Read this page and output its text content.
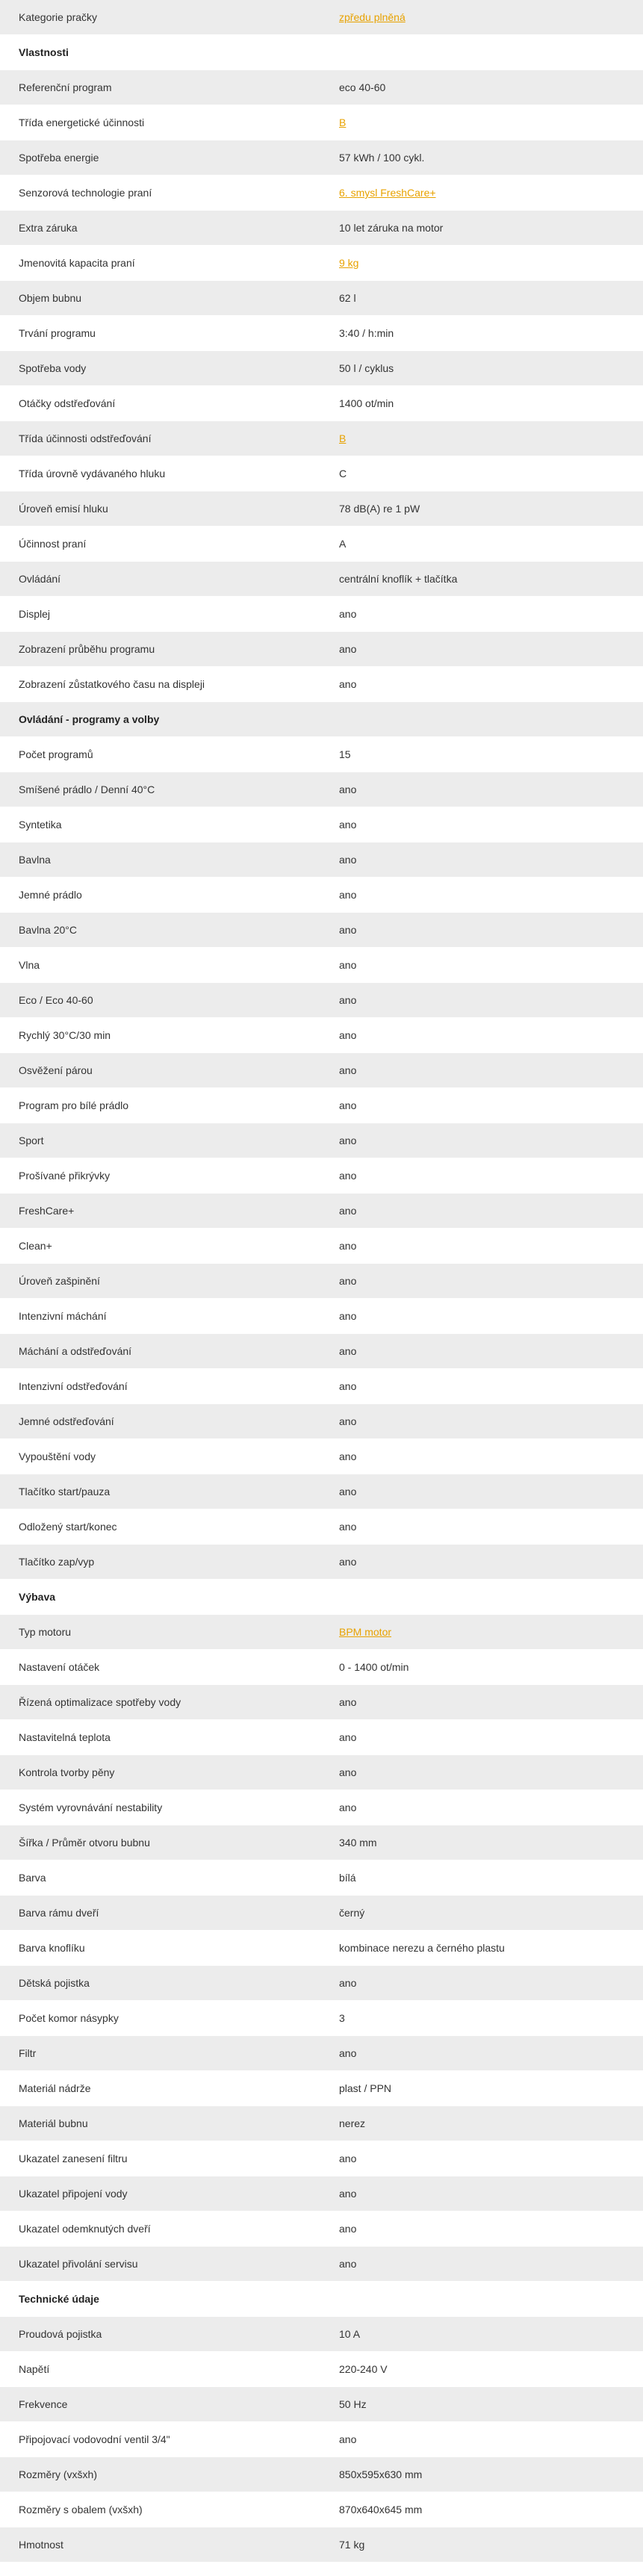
Kategorie pračky	zpředu plněná
Vlastnosti
Referenční program	eco 40-60
Třída energetické účinnosti	B
Spotřeba energie	57 kWh / 100 cykl.
Senzorová technologie praní	6. smysl FreshCare+
Extra záruka	10 let záruka na motor
Jmenovitá kapacita praní	9 kg
Objem bubnu	62 l
Trvání programu	3:40 / h:min
Spotřeba vody	50 l / cyklus
Otáčky odstřeďování	1400 ot/min
Třída účinnosti odstřeďování	B
Třída úrovně vydávaného hluku	C
Úroveň emisí hluku	78 dB(A) re 1 pW
Účinnost praní	A
Ovládání	centrální knoflík + tlačítka
Displej	ano
Zobrazení průběhu programu	ano
Zobrazení zůstatkového času na displeji	ano
Ovládání - programy a volby
Počet programů	15
Smíšené prádlo / Denní 40°C	ano
Syntetika	ano
Bavlna	ano
Jemné prádlo	ano
Bavlna 20°C	ano
Vlna	ano
Eco / Eco 40-60	ano
Rychlý 30°C/30 min	ano
Osvěžení párou	ano
Program pro bílé prádlo	ano
Sport	ano
Prošívané přikrývky	ano
FreshCare+	ano
Clean+	ano
Úroveň zašpinění	ano
Intenzivní máchání	ano
Máchání a odstřeďování	ano
Intenzivní odstřeďování	ano
Jemné odstřeďování	ano
Vypouštění vody	ano
Tlačítko start/pauza	ano
Odložený start/konec	ano
Tlačítko zap/vyp	ano
Výbava
Typ motoru	BPM motor
Nastavení otáček	0 - 1400 ot/min
Řízená optimalizace spotřeby vody	ano
Nastavitelná teplota	ano
Kontrola tvorby pěny	ano
Systém vyrovnávání nestability	ano
Šířka / Průměr otvoru bubnu	340 mm
Barva	bílá
Barva rámu dveří	černý
Barva knoflíku	kombinace nerezu a černého plastu
Dětská pojistka	ano
Počet komor násypky	3
Filtr	ano
Materiál nádrže	plast / PPN
Materiál bubnu	nerez
Ukazatel zanesení filtru	ano
Ukazatel připojení vody	ano
Ukazatel odemknutých dveří	ano
Ukazatel přivolání servisu	ano
Technické údaje
Proudová pojistka	10 A
Napětí	220-240 V
Frekvence	50 Hz
Připojovací vodovodní ventil 3/4"	ano
Rozměry (vxšxh)	850x595x630 mm
Rozměry s obalem (vxšxh)	870x640x645 mm
Hmotnost	71 kg
